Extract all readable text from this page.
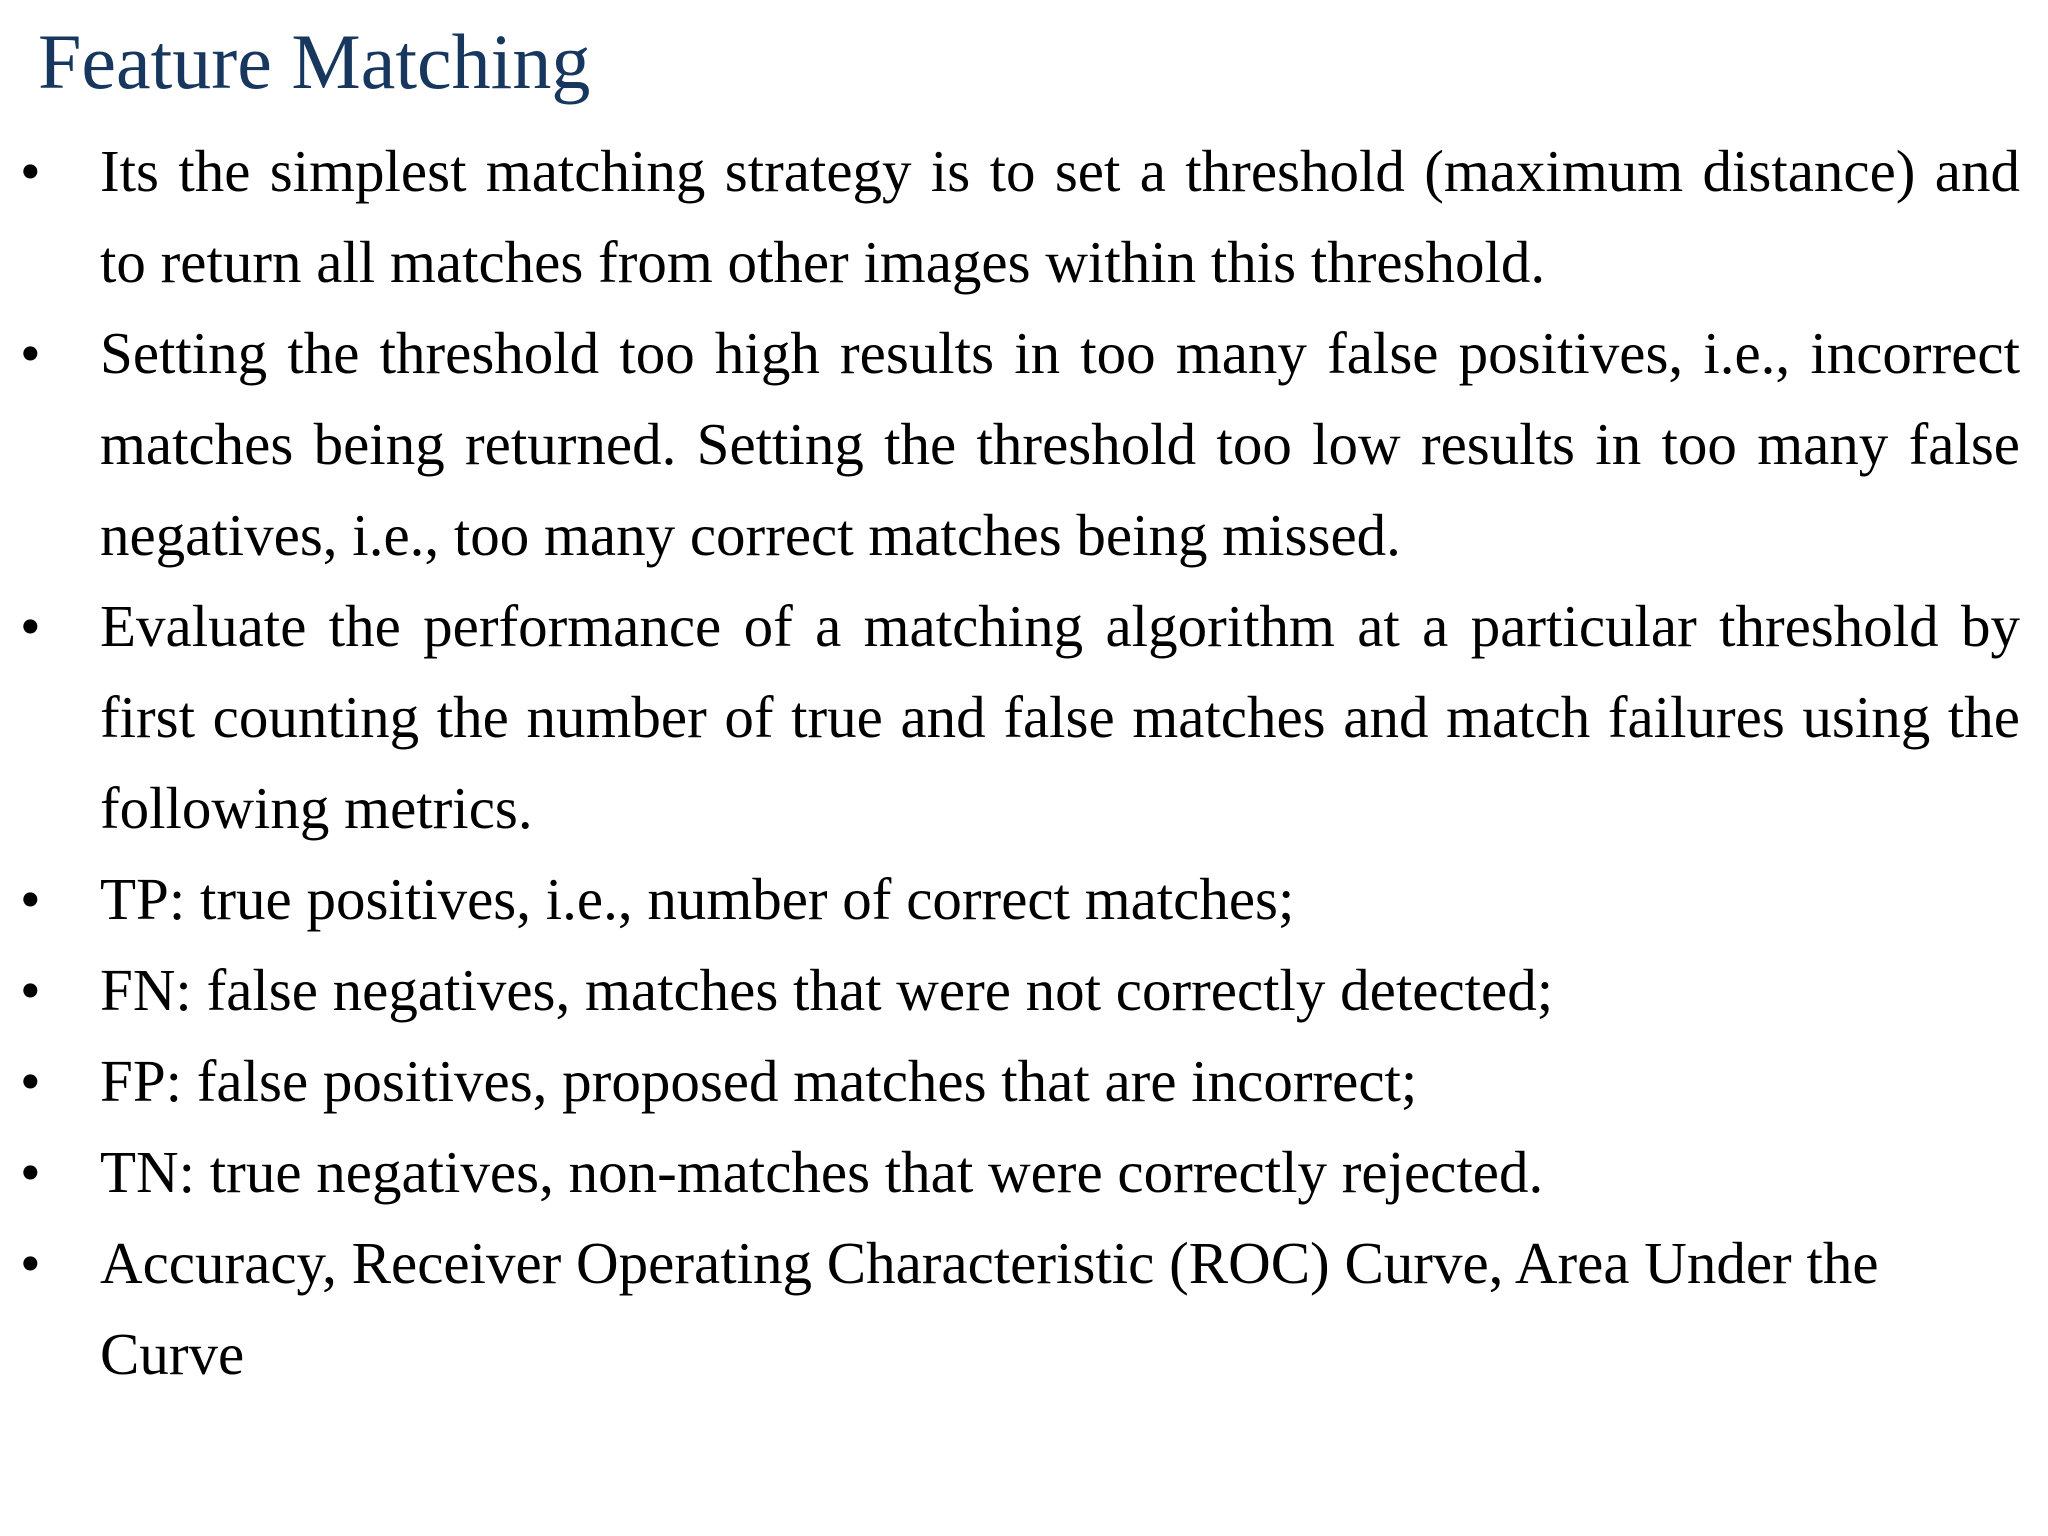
Feature Matching
•	Its the simplest matching strategy is to set a threshold (maximum distance) and to return all matches from other images within this threshold.
•	Setting the threshold too high results in too many false positives, i.e., incorrect matches being returned. Setting the threshold too low results in too many false negatives, i.e., too many correct matches being missed.
•	Evaluate the performance of a matching algorithm at a particular threshold by first counting the number of true and false matches and match failures using the following metrics.
•	TP: true positives, i.e., number of correct matches;
•	FN: false negatives, matches that were not correctly detected;
•	FP: false positives, proposed matches that are incorrect;
•	TN: true negatives, non-matches that were correctly rejected.
•	Accuracy, Receiver Operating Characteristic (ROC) Curve, Area Under the Curve
